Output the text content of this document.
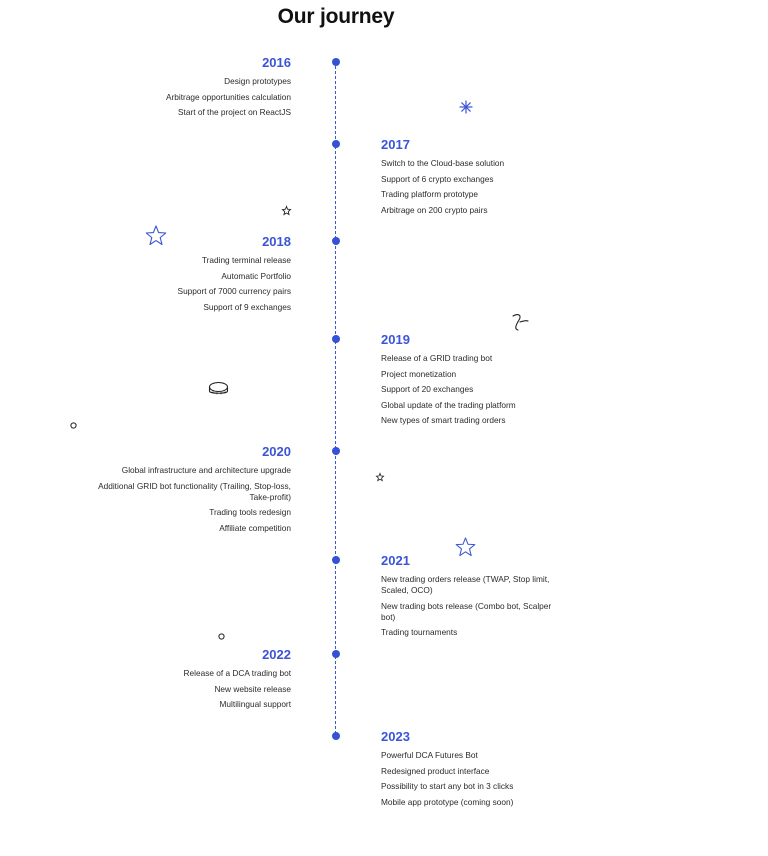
Our journey
2016
Design prototypes
Arbitrage opportunities calculation
Start of the project on ReactJS
2017
Switch to the Cloud-base solution
Support of 6 crypto exchanges
Trading platform prototype
Arbitrage on 200 crypto pairs
2018
Trading terminal release
Automatic Portfolio
Support of 7000 currency pairs
Support of 9 exchanges
2019
Release of a GRID trading bot
Project monetization
Support of 20 exchanges
Global update of the trading platform
New types of smart trading orders
2020
Global infrastructure and architecture upgrade
Additional GRID bot functionality (Trailing, Stop-loss, Take-profit)
Trading tools redesign
Affiliate competition
2021
New trading orders release (TWAP, Stop limit, Scaled, OCO)
New trading bots release (Combo bot, Scalper bot)
Trading tournaments
2022
Release of a DCA trading bot
New website release
Multilingual support
2023
Powerful DCA Futures Bot
Redesigned product interface
Possibility to start any bot in 3 clicks
Mobile app prototype (coming soon)
